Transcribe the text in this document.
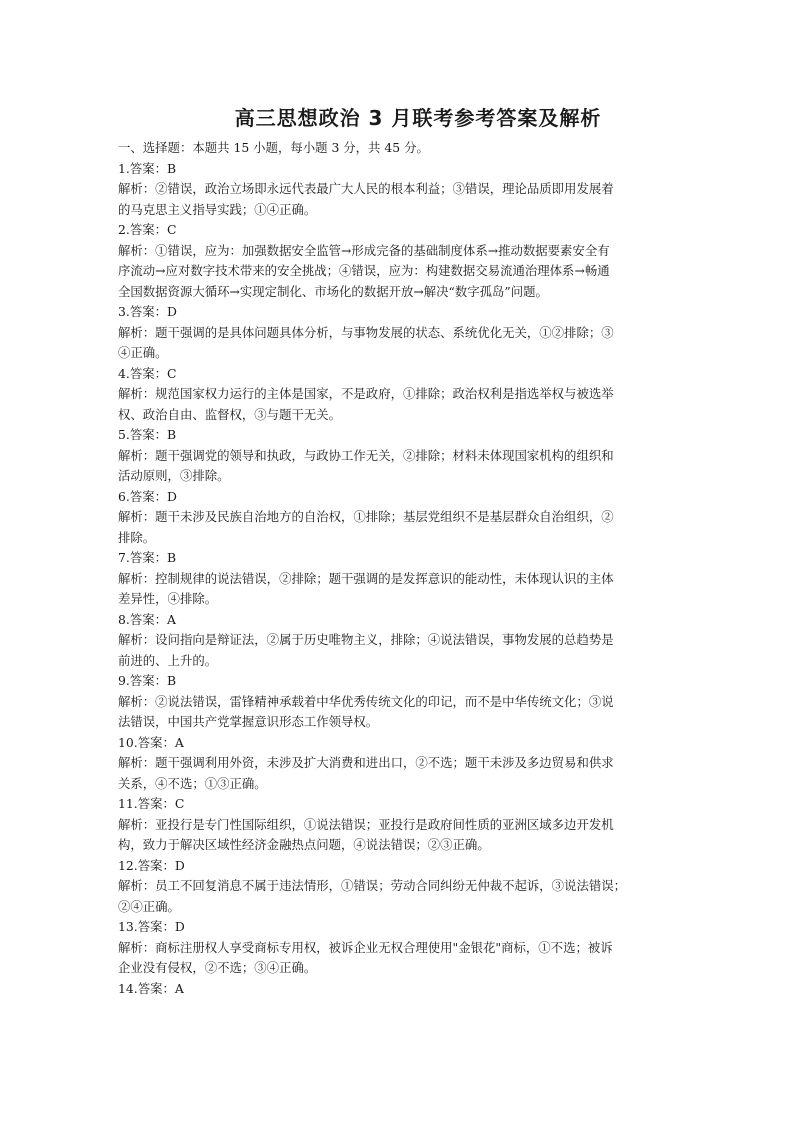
高三思想政治 3 月联考参考答案及解析

一、选择题：本题共 15 小题，每小题 3 分，共 45 分。

1.答案：B

解析：②错误，政治立场即永远代表最广大人民的根本利益；③错误，理论品质即用发展着

的马克思主义指导实践；①④正确。

2.答案：C

解析：①错误，应为：加强数据安全监管→形成完备的基础制度体系→推动数据要素安全有

序流动→应对数字技术带来的安全挑战；④错误，应为：构建数据交易流通治理体系→畅通

全国数据资源大循环→实现定制化、市场化的数据开放→解决“数字孤岛”问题。

3.答案：D

解析：题干强调的是具体问题具体分析，与事物发展的状态、系统优化无关，①②排除；③

④正确。

4.答案：C

解析：规范国家权力运行的主体是国家，不是政府，①排除；政治权利是指选举权与被选举

权、政治自由、监督权，③与题干无关。

5.答案：B

解析：题干强调党的领导和执政，与政协工作无关，②排除；材料未体现国家机构的组织和

活动原则，③排除。

6.答案：D

解析：题干未涉及民族自治地方的自治权，①排除；基层党组织不是基层群众自治组织，②

排除。

7.答案：B

解析：控制规律的说法错误，②排除；题干强调的是发挥意识的能动性，未体现认识的主体

差异性，④排除。

8.答案：A

解析：设问指向是辩证法，②属于历史唯物主义，排除；④说法错误，事物发展的总趋势是

前进的、上升的。

9.答案：B

解析：②说法错误，雷锋精神承载着中华优秀传统文化的印记，而不是中华传统文化；③说

法错误，中国共产党掌握意识形态工作领导权。

10.答案：A

解析：题干强调利用外资，未涉及扩大消费和进出口，②不选；题干未涉及多边贸易和供求

关系，④不选；①③正确。

11.答案：C

解析：亚投行是专门性国际组织，①说法错误；亚投行是政府间性质的亚洲区域多边开发机

构，致力于解决区域性经济金融热点问题，④说法错误；②③正确。

12.答案：D

解析：员工不回复消息不属于违法情形，①错误；劳动合同纠纷无仲裁不起诉，③说法错误；

②④正确。

13.答案：D

解析：商标注册权人享受商标专用权，被诉企业无权合理使用"金银花"商标，①不选；被诉

企业没有侵权，②不选；③④正确。

14.答案：A
